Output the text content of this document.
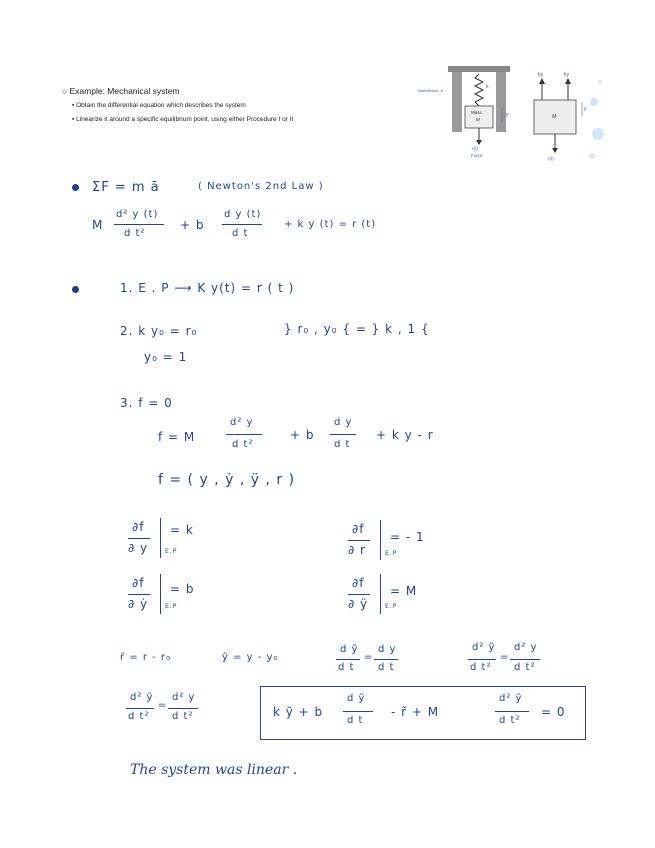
○ Example: Mechanical system
▪ Obtain the differential equation which describes the system
▪ Linearize it around a specific equilibrium point, using either Procedure I or II
Wall friction, b
k
Mass
M
y
r(t)
Force
by	ky
M
y
r(t)
ΣF = m ā	( Newton's 2nd Law )
M
d² y (t)
d t²
+ b
d y (t)
d t
+ k y (t) = r (t)
1. E . P ⟶ K y(t) = r ( t )
2. k y₀ = r₀	} r₀ , y₀ { = } k , 1 {
y₀ = 1
3. f = 0
f = M
d² y
d t²
+ b
d y
d t
+ k y - r
f = ( y , ẏ , ÿ , r )
∂f
∂ y	E.P
= k	∂f
∂ r	E.P
= - 1
∂f
∂ ẏ	E.P
= b	∂f
∂ ÿ	E.P
= M
r̃ = r - r₀	ỹ = y - y₀
d ỹ
d t
=
d y
d t
d² ỹ
d t²
=
d² y
d t²
d² ỹ
d t²
=
d² y
d t²	k ỹ + b
d ỹ
d t
- r̃ + M
d² ỹ
d t²
= 0
The system was linear .
